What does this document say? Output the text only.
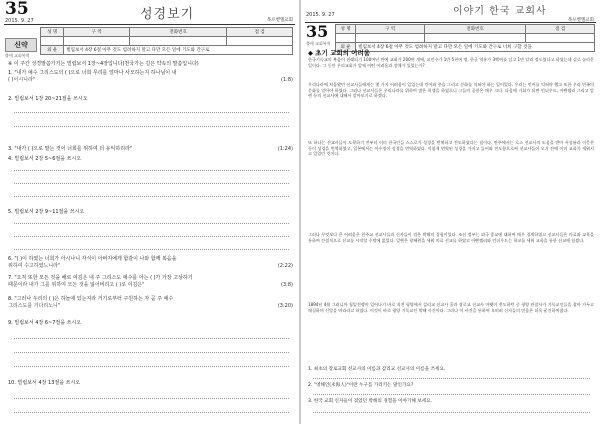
35
2015. 9. 27	성경보기	목포벧엘교회
성 명	구 역	전화번호	점 검

외 운	빌립보서 4장 6절 아무 것도 염려하지 말고 다만 모든 일에 기도와 간구로		
신약
출애 교회복역
※ 이 주간 성경말씀가기는 빌립보서 1장~4장입니다(천국가는 길은 약속의 말씀입니다)
1. "내가 예수 그리스도의 ( )으로 너희 무리를 얼마나 사모하는지 하나님이 내
( )이시니라"	(1:8)
2. 빌립보서 1장 20~21절을 쓰시오
3. "내가 ( )으로 말는 것이 너희를 위하여 더 유익하리라"	(1:24)
4. 빌립보서 2장 5~6절을 쓰시오
5. 빌립보서 2장 9~11절을 쓰시오
6. "( )이 하였는 너희가 아시나니 자식이 아버지에게 함같이 나와 함께 복음을
위하여 수고하였느니라"	(2:22)
7. "오직 또한 모든 것을 해로 여김은 내 주 그리스도 예수를 아는 ( )가 가장 고상하기
때문이라 내가 그를 위하여 모든 것을 잃어버리고 ( )로 여김은"	(3:8)
8. "그러나 우리의 ( )은 하늘에 있는지라 거기로부터 구원하는 자 곧 주 예수
그리스도를 기다리노니"	(3:20)
9. 빌립보서 4장 6~7절을 쓰시오
10. 빌립보서 4장 13절을 쓰시오
2015. 9. 27	이야기 한국 교회사
목포벧엘교회
35
출애 교회복역
성 명	구 역	전화번호	점 검

외 운	빌립보서 4장 6절 아무 것도 염려하지 말고 다만 모든 일에 기도와 간구로 너희 구할 것을		
◆ 초기 교회의 어려움
한국기독교의 복음이 전래되기 100여년 만에 교회가 200여 개에, 교인수가 1만 5천여 명, 한글 역유가 3백여를 넘고 1만 달러 정도였다고 하였는데 실로 놀라운 일이다. 그 동안 우리교회가 앞에 어떤 어려움과 장애가 있었는가?
우리나라에 처음왔던 선교사들에게는 몇 가지 어려움이 있었는데 언어와 풍습 그리고 문화를 익혀야 하는 일이었다. 우리는 언어를 익혀야 했고 또한 우리 민족의 문화를 알아야 하였다. 그러나 선교사들은 우리나라를 위하여 많은 희생을 하였으니 그들의 공헌은 매우 크다. 다음에 기회가 되면 언더우드, 아펜젤러 그리고 알렌 등의 선교사에 대해서 알아보기로 하겠다.
또 하나는 선교사들이 도착하기 전부터 이미 한국인들 스스로가 성경을 번역하고 전도하였다는 점이다. 만주에서는 로스 선교사의 도움을 받아 서상륜과 이응찬 등이 성경을 번역하였고, 일본에서는 이수정이 성경을 번역하였다. 이렇게 번역된 성경을 가지고 들어와 전도함으로써 선교사들이 오기 전에 이미 교회가 세워지고 있었던 것이다.
그러나 무엇보다 큰 어려움은 천주교 선교사들과 신자들이 겪은 박해의 경험이었다. 조선 정부는 외국 종교에 대하여 매우 경계하였고 선교사들은 의료와 교육을 통하여 간접적으로 선교를 시작할 수밖에 없었다. 알렌은 광혜원을 세워 의료 선교를 하였고 아펜젤러와 언더우드는 학교를 세워 교육을 통한 선교에 힘썼다.
1894년 4월 그러니까 청일전쟁이 일어나기 바로 직전 평양에서 감리교 선교사 홀과 장로교 선교사 마펫이 전도하던 중 평양 관찰사가 기독교인들을 잡아 가두고 매질하며 신앙을 버리라고 하였다. 이것이 바로 평양 기독교인 박해 사건이다. 그러나 이 사건을 통하여 오히려 신자들의 믿음은 더욱 굳건하여졌다.
1. 최초의 장로교회 선교사의 이름과 감리교 선교사의 이름을 쓰세요.
2. "영해인(永海人)"이란 누구를 가리키는 말인가요?
3. 한국 교회 신자들이 겪었던 박해의 경험을 이야기해 보세요.
